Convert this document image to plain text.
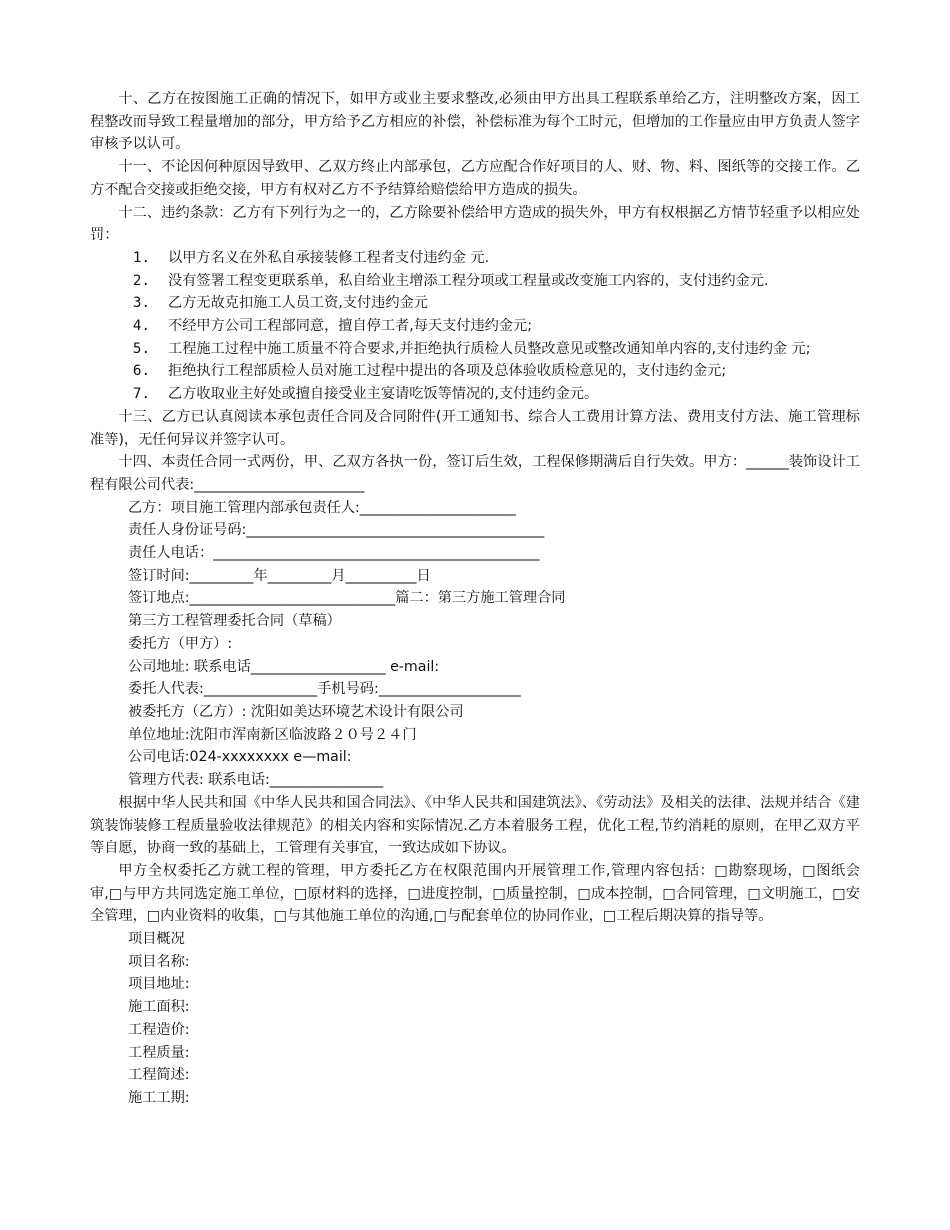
十、乙方在按图施工正确的情况下，如甲方或业主要求整改,必须由甲方出具工程联系单给乙方，注明整改方案，因工程整改而导致工程量增加的部分，甲方给予乙方相应的补偿，补偿标准为每个工时元，但增加的工作量应由甲方负责人签字审核予以认可。

十一、不论因何种原因导致甲、乙双方终止内部承包，乙方应配合作好项目的人、财、物、料、图纸等的交接工作。乙方不配合交接或拒绝交接，甲方有权对乙方不予结算给赔偿给甲方造成的损失。

十二、违约条款：乙方有下列行为之一的，乙方除要补偿给甲方造成的损失外，甲方有权根据乙方情节轻重予以相应处罚：

1.	以甲方名义在外私自承接装修工程者支付违约金 元.
2.	没有签署工程变更联系单，私自给业主增添工程分项或工程量或改变施工内容的，支付违约金元.
3.	乙方无故克扣施工人员工资,支付违约金元
4.	不经甲方公司工程部同意，擅自停工者,每天支付违约金元;
5.	工程施工过程中施工质量不符合要求,并拒绝执行质检人员整改意见或整改通知单内容的,支付违约金 元;
6.	拒绝执行工程部质检人员对施工过程中提出的各项及总体验收质检意见的，支付违约金元;
7.	乙方收取业主好处或擅自接受业主宴请吃饭等情况的,支付违约金元。

十三、乙方已认真阅读本承包责任合同及合同附件(开工通知书、综合人工费用计算方法、费用支付方法、施工管理标准等)，无任何异议并签字认可。

十四、本责任合同一式两份，甲、乙双方各执一份，签订后生效，工程保修期满后自行失效。甲方：______装饰设计工程有限公司代表:________________________

乙方：项目施工管理内部承包责任人:______________________

责任人身份证号码:__________________________________________

责任人电话：______________________________________________

签订时间:_________年_________月__________日

签订地点:_____________________________篇二：第三方施工管理合同

第三方工程管理委托合同（草稿）

委托方（甲方）:

公司地址: 联系电话___________________ e-mail:

委托人代表:________________手机号码:____________________

被委托方（乙方）: 沈阳如美达环境艺术设计有限公司

单位地址:沈阳市浑南新区临波路２０号２４门

公司电话:024-xxxxxxxx e—mail:

管理方代表: 联系电话:________________

根据中华人民共和国《中华人民共和国合同法》、《中华人民共和国建筑法》、《劳动法》及相关的法律、法规并结合《建筑装饰装修工程质量验收法律规范》的相关内容和实际情况.乙方本着服务工程，优化工程,节约消耗的原则，在甲乙双方平等自愿，协商一致的基础上，工管理有关事宜，一致达成如下协议。

甲方全权委托乙方就工程的管理，甲方委托乙方在权限范围内开展管理工作,管理内容包括：□勘察现场，□图纸会审,□与甲方共同选定施工单位，□原材料的选择，□进度控制，□质量控制，□成本控制，□合同管理，□文明施工，□安全管理，□内业资料的收集，□与其他施工单位的沟通,□与配套单位的协同作业，□工程后期决算的指导等。

项目概况

项目名称:

项目地址:

施工面积:

工程造价:

工程质量:

工程简述:

施工工期:
